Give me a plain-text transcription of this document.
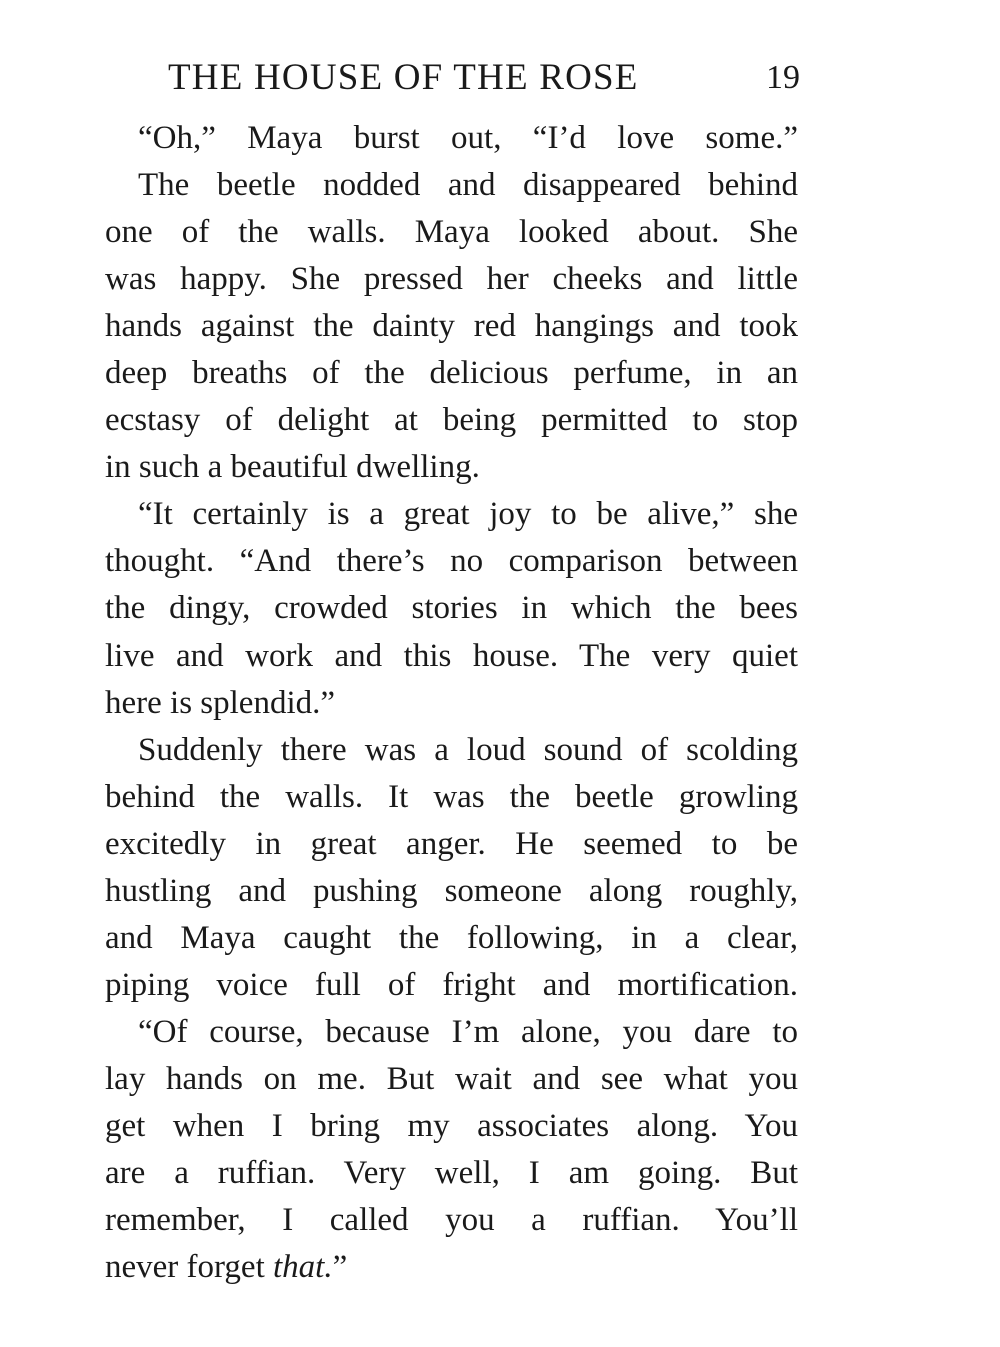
THE HOUSE OF THE ROSE	19
“Oh,” Maya burst out, “I’d love some.”
The beetle nodded and disappeared behind
one of the walls. Maya looked about. She
was happy. She pressed her cheeks and little
hands against the dainty red hangings and took
deep breaths of the delicious perfume, in an
ecstasy of delight at being permitted to stop
in such a beautiful dwelling.
“It certainly is a great joy to be alive,” she
thought. “And there’s no comparison between
the dingy, crowded stories in which the bees
live and work and this house. The very quiet
here is splendid.”
Suddenly there was a loud sound of scolding
behind the walls. It was the beetle growling
excitedly in great anger. He seemed to be
hustling and pushing someone along roughly,
and Maya caught the following, in a clear,
piping voice full of fright and mortification.
“Of course, because I’m alone, you dare to
lay hands on me. But wait and see what you
get when I bring my associates along. You
are a ruffian. Very well, I am going. But
remember, I called you a ruffian. You’ll
never forget that.”
